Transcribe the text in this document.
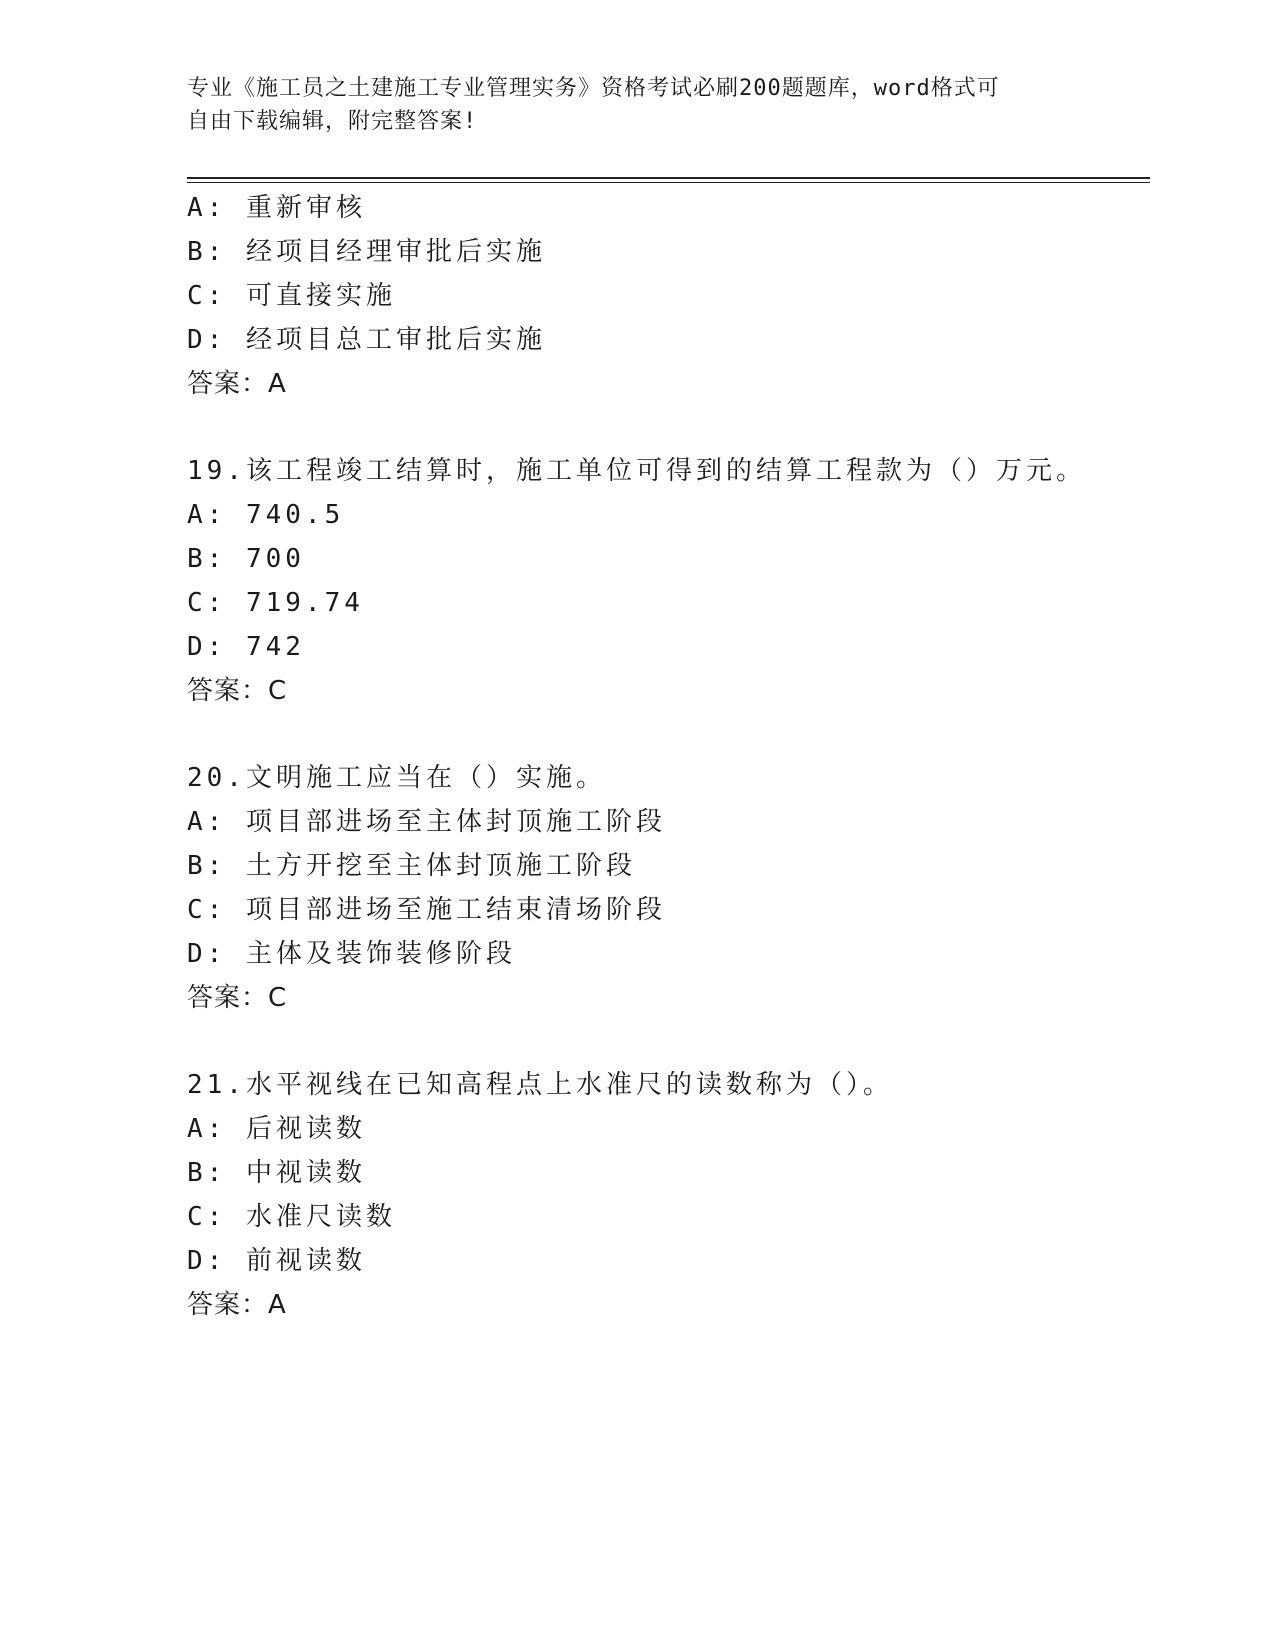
专业《施工员之土建施工专业管理实务》资格考试必刷200题题库，word格式可
自由下载编辑，附完整答案!
A: 重新审核
B: 经项目经理审批后实施
C: 可直接实施
D: 经项目总工审批后实施
答案：A
19.该工程竣工结算时，施工单位可得到的结算工程款为（）万元。
A: 740.5
B: 700
C: 719.74
D: 742
答案：C
20.文明施工应当在（）实施。
A: 项目部进场至主体封顶施工阶段
B: 土方开挖至主体封顶施工阶段
C: 项目部进场至施工结束清场阶段
D: 主体及装饰装修阶段
答案：C
21.水平视线在已知高程点上水准尺的读数称为（）。
A: 后视读数
B: 中视读数
C: 水准尺读数
D: 前视读数
答案：A
